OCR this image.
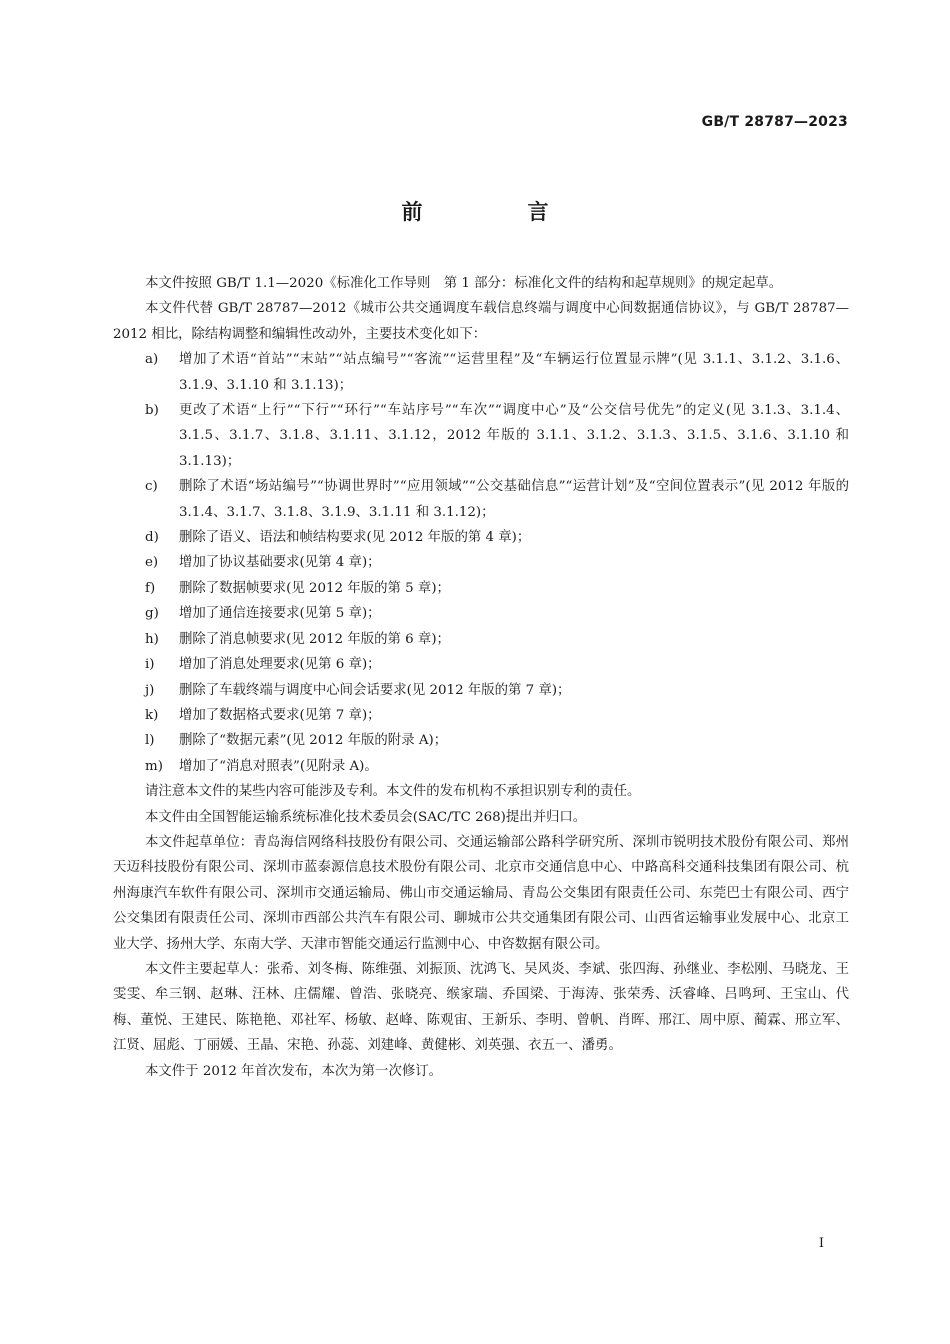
GB/T 28787—2023
前　言

本文件按照 GB/T 1.1—2020《标准化工作导则　第 1 部分：标准化文件的结构和起草规则》的规定起草。

本文件代替 GB/T 28787—2012《城市公共交通调度车载信息终端与调度中心间数据通信协议》，与 GB/T 28787—2012 相比，除结构调整和编辑性改动外，主要技术变化如下：

a)	增加了术语“首站”“末站”“站点编号”“客流”“运营里程”及“车辆运行位置显示牌”(见 3.1.1、3.1.2、3.1.6、3.1.9、3.1.10 和 3.1.13)；
b)	更改了术语“上行”“下行”“环行”“车站序号”“车次”“调度中心”及“公交信号优先”的定义(见 3.1.3、3.1.4、3.1.5、3.1.7、3.1.8、3.1.11、3.1.12，2012 年版的 3.1.1、3.1.2、3.1.3、3.1.5、3.1.6、3.1.10 和 3.1.13)；
c)	删除了术语“场站编号”“协调世界时”“应用领域”“公交基础信息”“运营计划”及“空间位置表示”(见 2012 年版的 3.1.4、3.1.7、3.1.8、3.1.9、3.1.11 和 3.1.12)；
d)	删除了语义、语法和帧结构要求(见 2012 年版的第 4 章)；
e)	增加了协议基础要求(见第 4 章)；
f)	删除了数据帧要求(见 2012 年版的第 5 章)；
g)	增加了通信连接要求(见第 5 章)；
h)	删除了消息帧要求(见 2012 年版的第 6 章)；
i)	增加了消息处理要求(见第 6 章)；
j)	删除了车载终端与调度中心间会话要求(见 2012 年版的第 7 章)；
k)	增加了数据格式要求(见第 7 章)；
l)	删除了“数据元素”(见 2012 年版的附录 A)；
m)	增加了“消息对照表”(见附录 A)。

请注意本文件的某些内容可能涉及专利。本文件的发布机构不承担识别专利的责任。

本文件由全国智能运输系统标准化技术委员会(SAC/TC 268)提出并归口。

本文件起草单位：青岛海信网络科技股份有限公司、交通运输部公路科学研究所、深圳市锐明技术股份有限公司、郑州天迈科技股份有限公司、深圳市蓝泰源信息技术股份有限公司、北京市交通信息中心、中路高科交通科技集团有限公司、杭州海康汽车软件有限公司、深圳市交通运输局、佛山市交通运输局、青岛公交集团有限责任公司、东莞巴士有限公司、西宁公交集团有限责任公司、深圳市西部公共汽车有限公司、聊城市公共交通集团有限公司、山西省运输事业发展中心、北京工业大学、扬州大学、东南大学、天津市智能交通运行监测中心、中咨数据有限公司。

本文件主要起草人：张希、刘冬梅、陈维强、刘振顶、沈鸿飞、吴风炎、李斌、张四海、孙继业、李松刚、马晓龙、王雯雯、牟三钢、赵琳、汪林、庄儒耀、曾浩、张晓亮、缑家瑞、乔国梁、于海涛、张荣秀、沃睿峰、吕鸣珂、王宝山、代梅、董悦、王建民、陈艳艳、邓社军、杨敏、赵峰、陈观宙、王新乐、李明、曾帆、肖晖、邢江、周中原、蔺霖、邢立军、江贤、屈彪、丁丽媛、王晶、宋艳、孙蕊、刘建峰、黄健彬、刘英强、衣五一、潘勇。

本文件于 2012 年首次发布，本次为第一次修订。

Ⅰ
